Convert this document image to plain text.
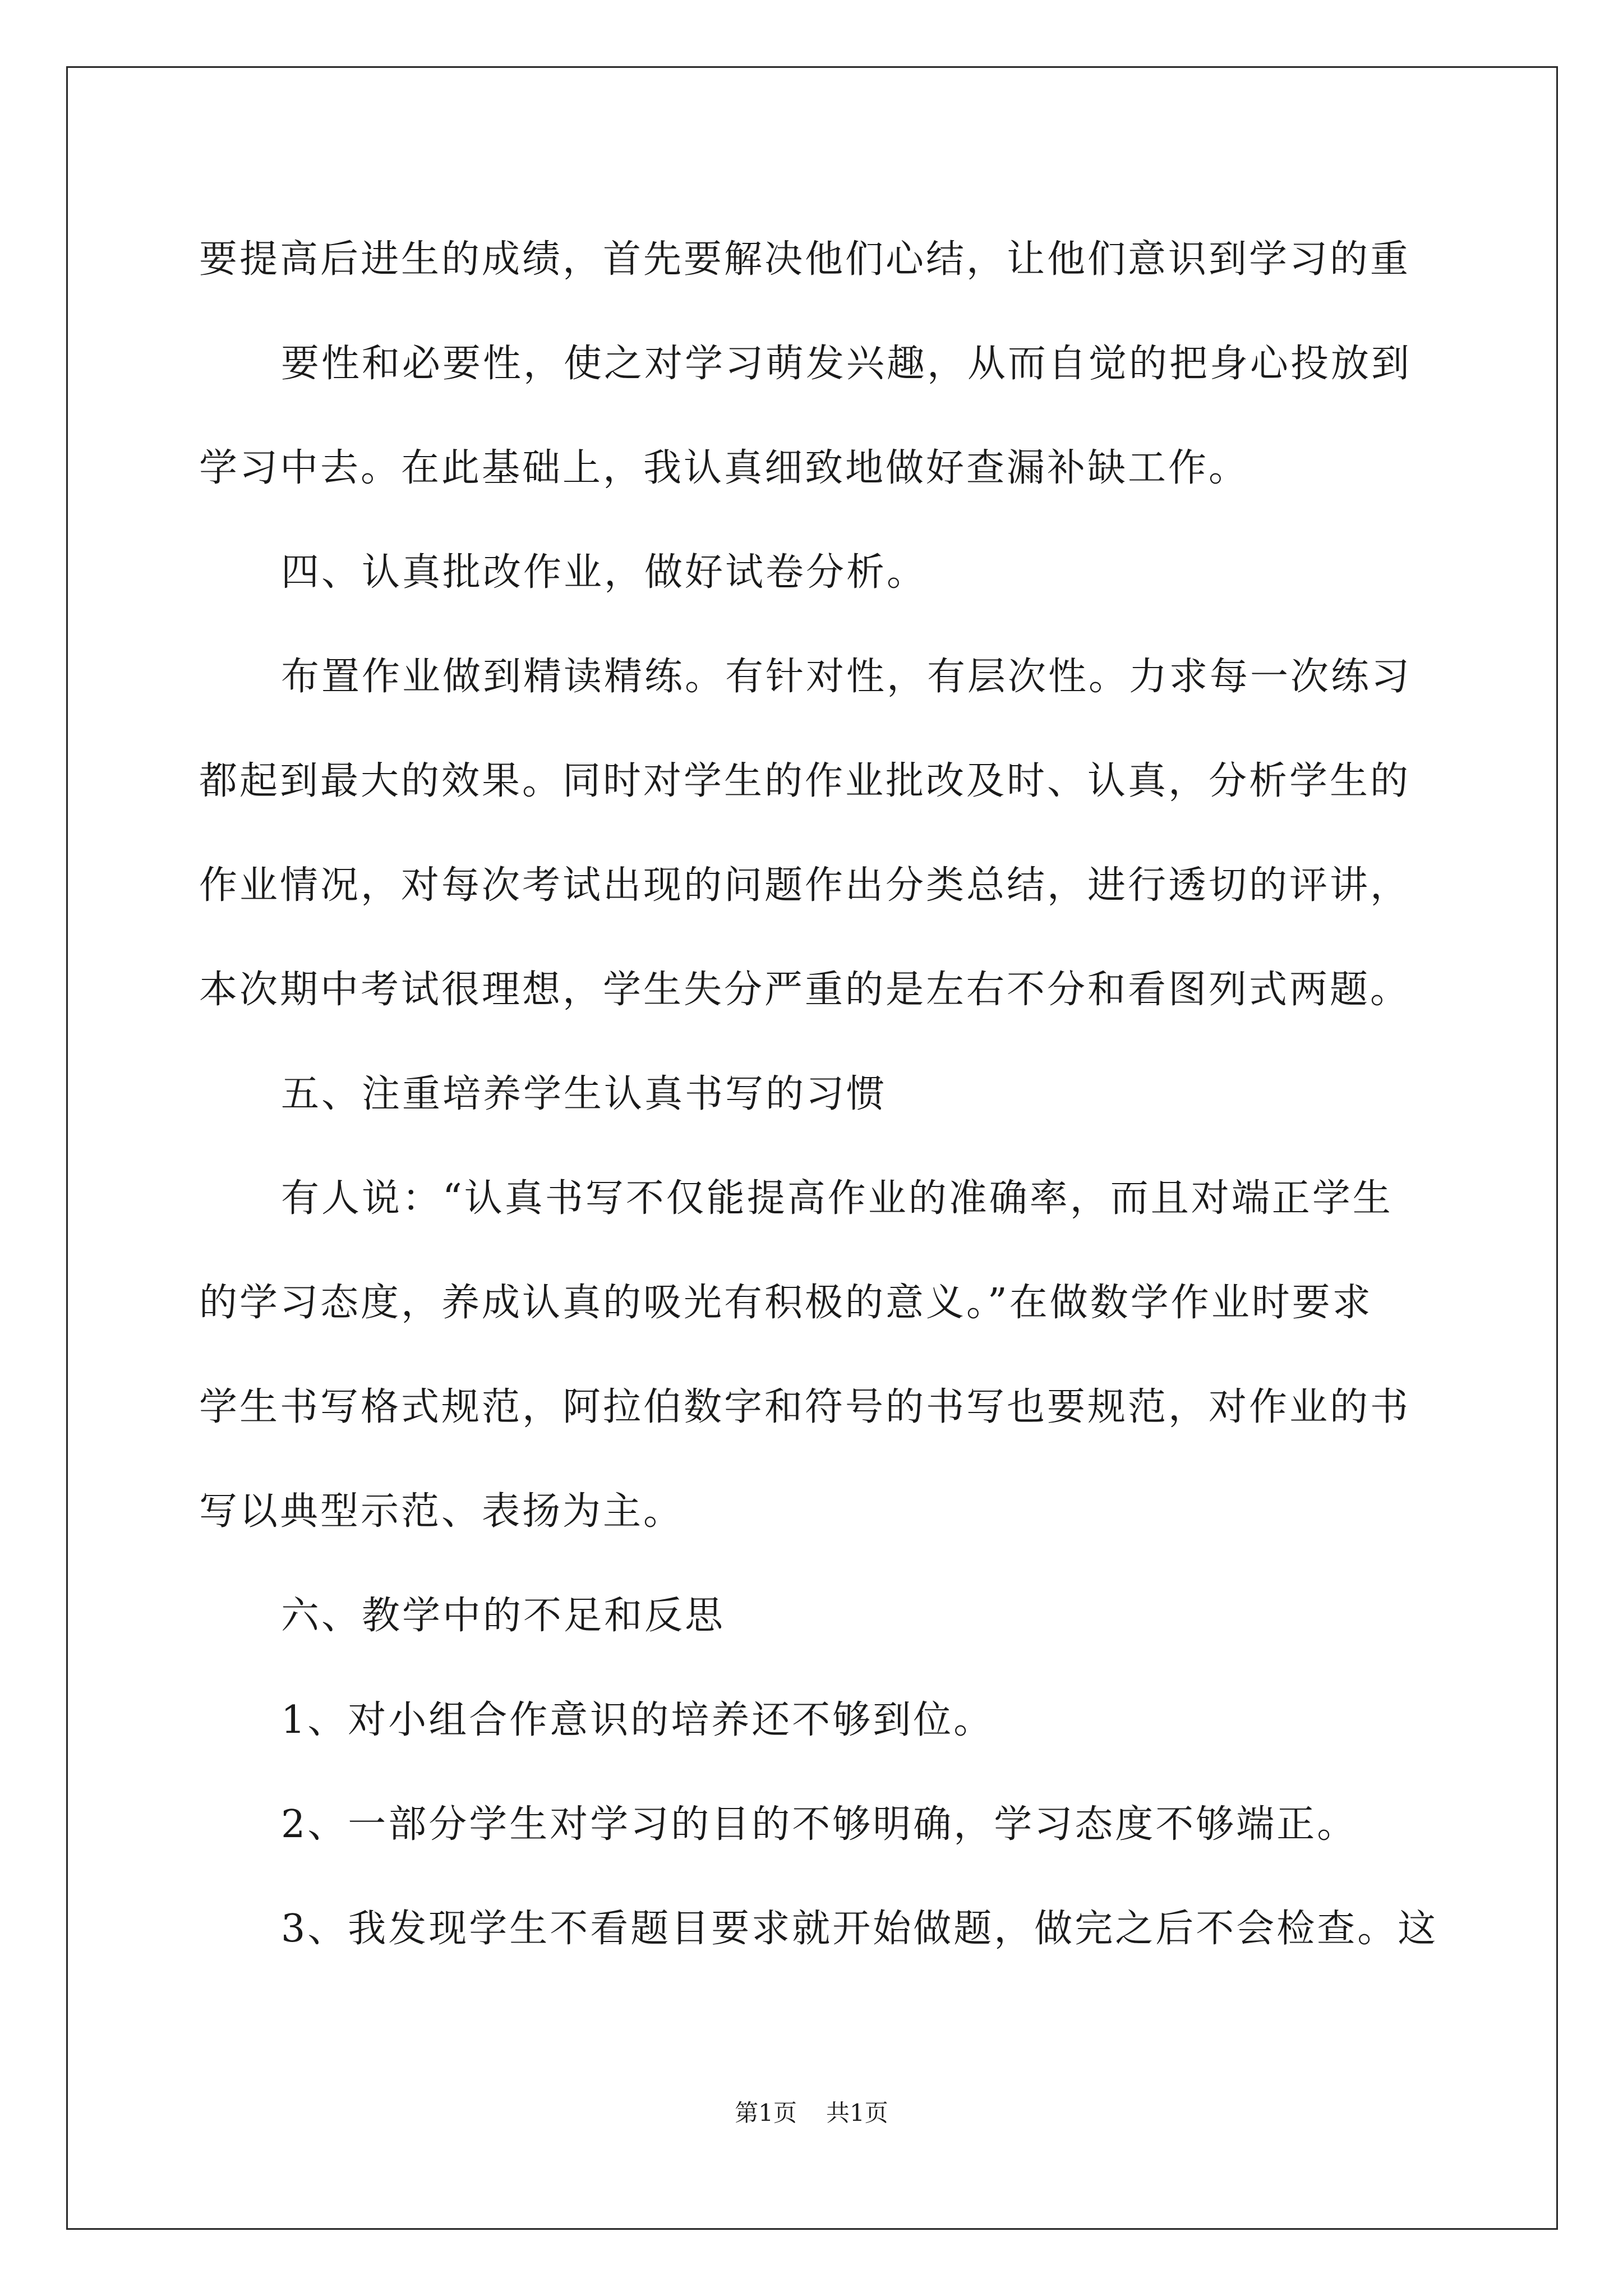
要提高后进生的成绩，首先要解决他们心结，让他们意识到学习的重
要性和必要性，使之对学习萌发兴趣，从而自觉的把身心投放到
学习中去。在此基础上，我认真细致地做好查漏补缺工作。
四、认真批改作业，做好试卷分析。
布置作业做到精读精练。有针对性，有层次性。力求每一次练习
都起到最大的效果。同时对学生的作业批改及时、认真，分析学生的
作业情况，对每次考试出现的问题作出分类总结，进行透切的评讲，
本次期中考试很理想，学生失分严重的是左右不分和看图列式两题。
五、注重培养学生认真书写的习惯
有人说：“认真书写不仅能提高作业的准确率，而且对端正学生
的学习态度，养成认真的吸光有积极的意义。”在做数学作业时要求
学生书写格式规范，阿拉伯数字和符号的书写也要规范，对作业的书
写以典型示范、表扬为主。
六、教学中的不足和反思
1、对小组合作意识的培养还不够到位。
2、一部分学生对学习的目的不够明确，学习态度不够端正。
3、我发现学生不看题目要求就开始做题，做完之后不会检查。这
第1页 共1页
